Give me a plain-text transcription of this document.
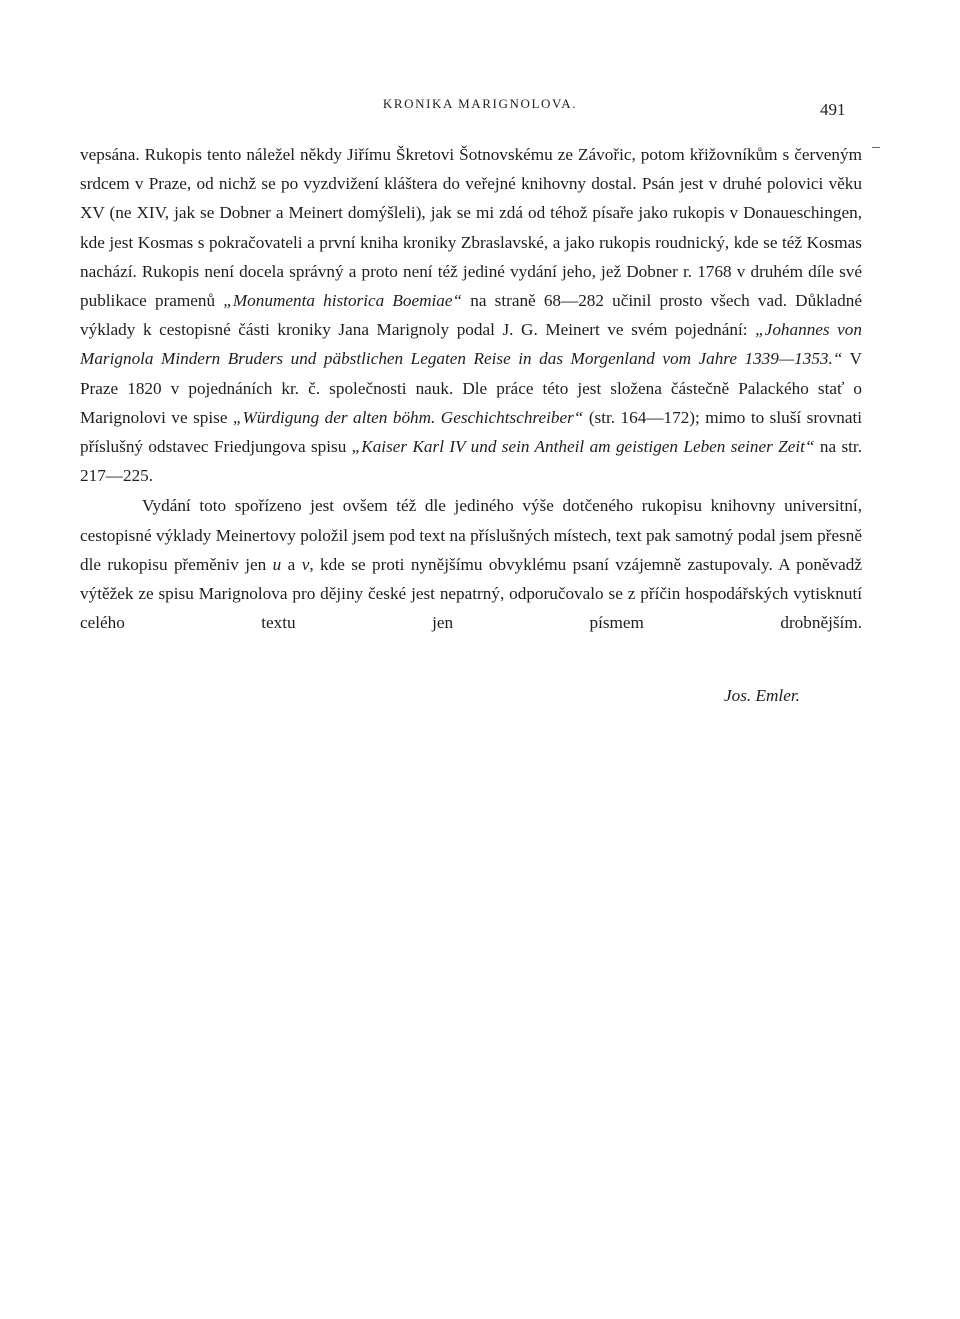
KRONIKA MARIGNOLOVA.	491

vepsána. Rukopis tento náležel někdy Jiřímu Škretovi Šotnovskému ze Závořic, potom křižovníkům s červeným srdcem v Praze, od nichž se po vyzdvižení kláštera do veřejné knihovny dostal. Psán jest v druhé polovici věku XV (ne XIV, jak se Dobner a Meinert domýšleli), jak se mi zdá od téhož písaře jako rukopis v Donaueschingen, kde jest Kosmas s pokračovateli a první kniha kroniky Zbraslavské, a jako rukopis roudnický, kde se též Kosmas nachází. Rukopis není docela správný a proto není též jediné vydání jeho, jež Dobner r. 1768 v druhém díle své publikace pramenů „Monumenta historica Boemiae“ na straně 68—282 učinil prosto všech vad. Důkladné výklady k cestopisné části kroniky Jana Marignoly podal J. G. Meinert ve svém pojednání: „Johannes von Marignola Mindern Bruders und päbstlichen Legaten Reise in das Morgenland vom Jahre 1339—1353.“ V Praze 1820 v pojednáních kr. č. společnosti nauk. Dle práce této jest složena částečně Palackého stať o Marignolovi ve spise „Würdigung der alten böhm. Geschichtschreiber“ (str. 164—172); mimo to sluší srovnati příslušný odstavec Friedjungova spisu „Kaiser Karl IV und sein Antheil am geistigen Leben seiner Zeit“ na str. 217—225.

Vydání toto spořízeno jest ovšem též dle jediného výše dotčeného rukopisu knihovny universitní, cestopisné výklady Meinertovy položil jsem pod text na příslušných místech, text pak samotný podal jsem přesně dle rukopisu přeměniv jen u a v, kde se proti nynějšímu obvyklému psaní vzájemně zastupovaly. A poněvadž výtěžek ze spisu Marignolova pro dějiny české jest nepatrný, odporučovalo se z příčin hospodářských vytisknutí celého textu jen písmem drobnějším.

Jos. Emler.
